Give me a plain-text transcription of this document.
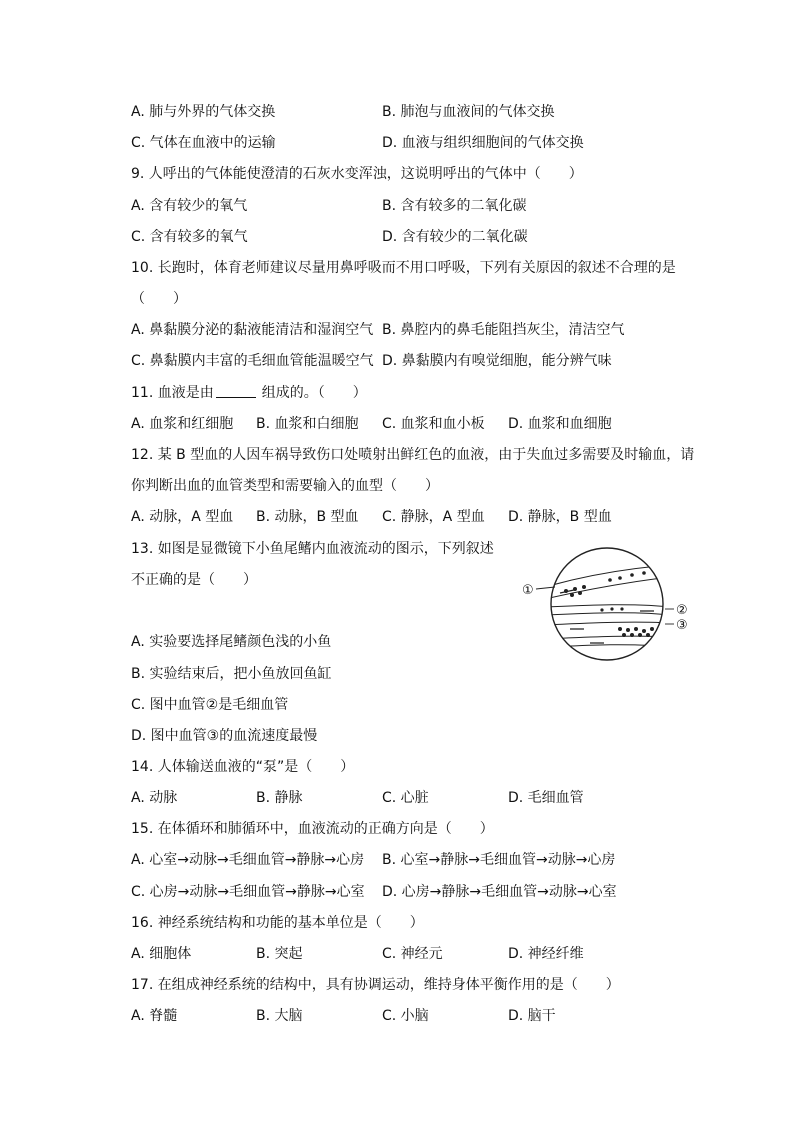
A. 肺与外界的气体交换	B. 肺泡与血液间的气体交换
C. 气体在血液中的运输	D. 血液与组织细胞间的气体交换
9. 人呼出的气体能使澄清的石灰水变浑浊，这说明呼出的气体中（　　）
A. 含有较少的氧气	B. 含有较多的二氧化碳
C. 含有较多的氧气	D. 含有较少的二氧化碳
10. 长跑时，体育老师建议尽量用鼻呼吸而不用口呼吸，下列有关原因的叙述不合理的是
（　　）
A. 鼻黏膜分泌的黏液能清洁和湿润空气 B. 鼻腔内的鼻毛能阻挡灰尘，清洁空气
C. 鼻黏膜内丰富的毛细血管能温暖空气 D. 鼻黏膜内有嗅觉细胞，能分辨气味
11. 血液是由	组成的。（　　）
A. 血浆和红细胞 B. 血浆和白细胞 C. 血浆和血小板 D. 血浆和血细胞
12. 某 B 型血的人因车祸导致伤口处喷射出鲜红色的血液，由于失血过多需要及时输血，请
你判断出血的血管类型和需要输入的血型（　　）
A. 动脉，A 型血 B. 动脉，B 型血 C. 静脉，A 型血 D. 静脉，B 型血
13. 如图是显微镜下小鱼尾鳍内血液流动的图示，下列叙述
不正确的是（　　）
A. 实验要选择尾鳍颜色浅的小鱼
B. 实验结束后，把小鱼放回鱼缸
C. 图中血管②是毛细血管
D. 图中血管③的血流速度最慢
①
②
③
14. 人体输送血液的“泵”是（　　）
A. 动脉	B. 静脉	C. 心脏	D. 毛细血管
15. 在体循环和肺循环中，血液流动的正确方向是（　　）
A. 心室→动脉→毛细血管→静脉→心房 B. 心室→静脉→毛细血管→动脉→心房
C. 心房→动脉→毛细血管→静脉→心室 D. 心房→静脉→毛细血管→动脉→心室
16. 神经系统结构和功能的基本单位是（　　）
A. 细胞体	B. 突起	C. 神经元	D. 神经纤维
17. 在组成神经系统的结构中，具有协调运动，维持身体平衡作用的是（　　）
A. 脊髓	B. 大脑	C. 小脑	D. 脑干
